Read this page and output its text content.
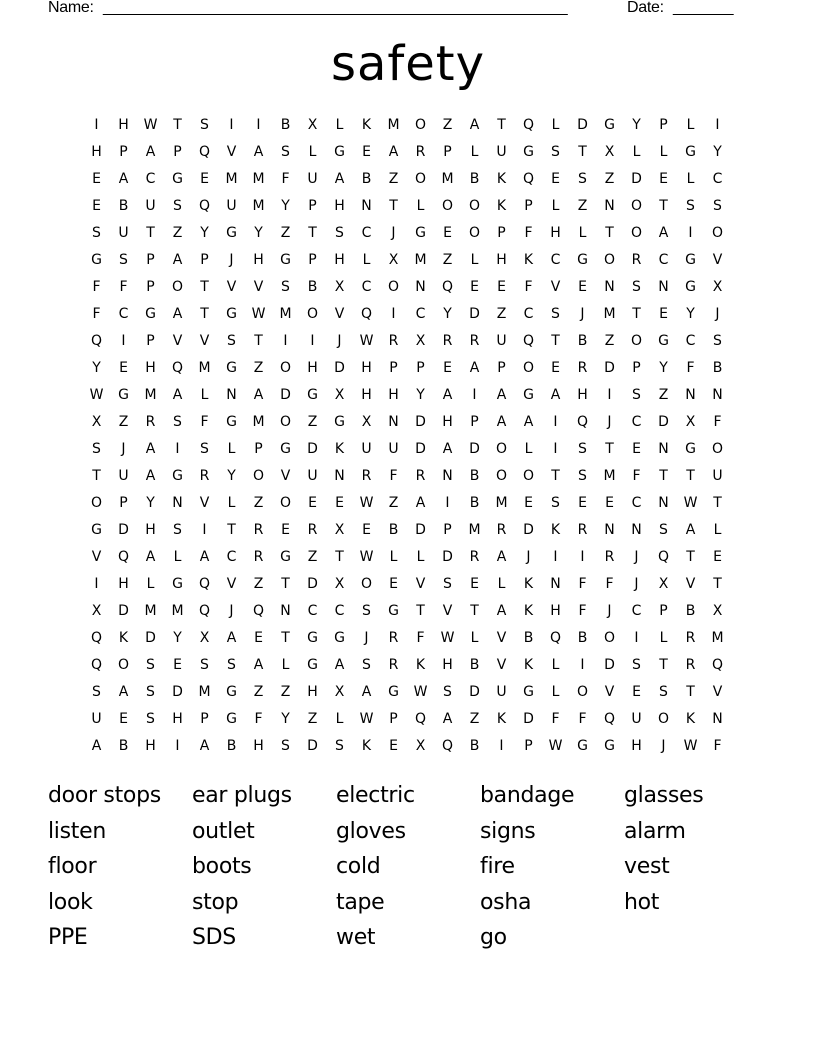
Name: ______________________________________________________	Date: _______
safety
I	H	W	T	S	I	I	B	X	L	K	M	O	Z	A	T	Q	L	D	G	Y	P	L	I
H	P	A	P	Q	V	A	S	L	G	E	A	R	P	L	U	G	S	T	X	L	L	G	Y
E	A	C	G	E	M	M	F	U	A	B	Z	O	M	B	K	Q	E	S	Z	D	E	L	C
E	B	U	S	Q	U	M	Y	P	H	N	T	L	O	O	K	P	L	Z	N	O	T	S	S
S	U	T	Z	Y	G	Y	Z	T	S	C	J	G	E	O	P	F	H	L	T	O	A	I	O
G	S	P	A	P	J	H	G	P	H	L	X	M	Z	L	H	K	C	G	O	R	C	G	V
F	F	P	O	T	V	V	S	B	X	C	O	N	Q	E	E	F	V	E	N	S	N	G	X
F	C	G	A	T	G	W	M	O	V	Q	I	C	Y	D	Z	C	S	J	M	T	E	Y	J
Q	I	P	V	V	S	T	I	I	J	W	R	X	R	R	U	Q	T	B	Z	O	G	C	S
Y	E	H	Q	M	G	Z	O	H	D	H	P	P	E	A	P	O	E	R	D	P	Y	F	B
W	G	M	A	L	N	A	D	G	X	H	H	Y	A	I	A	G	A	H	I	S	Z	N	N
X	Z	R	S	F	G	M	O	Z	G	X	N	D	H	P	A	A	I	Q	J	C	D	X	F
S	J	A	I	S	L	P	G	D	K	U	U	D	A	D	O	L	I	S	T	E	N	G	O
T	U	A	G	R	Y	O	V	U	N	R	F	R	N	B	O	O	T	S	M	F	T	T	U
O	P	Y	N	V	L	Z	O	E	E	W	Z	A	I	B	M	E	S	E	E	C	N	W	T
G	D	H	S	I	T	R	E	R	X	E	B	D	P	M	R	D	K	R	N	N	S	A	L
V	Q	A	L	A	C	R	G	Z	T	W	L	L	D	R	A	J	I	I	R	J	Q	T	E
I	H	L	G	Q	V	Z	T	D	X	O	E	V	S	E	L	K	N	F	F	J	X	V	T
X	D	M	M	Q	J	Q	N	C	C	S	G	T	V	T	A	K	H	F	J	C	P	B	X
Q	K	D	Y	X	A	E	T	G	G	J	R	F	W	L	V	B	Q	B	O	I	L	R	M
Q	O	S	E	S	S	A	L	G	A	S	R	K	H	B	V	K	L	I	D	S	T	R	Q
S	A	S	D	M	G	Z	Z	H	X	A	G	W	S	D	U	G	L	O	V	E	S	T	V
U	E	S	H	P	G	F	Y	Z	L	W	P	Q	A	Z	K	D	F	F	Q	U	O	K	N
A	B	H	I	A	B	H	S	D	S	K	E	X	Q	B	I	P	W	G	G	H	J	W	F
door stops	ear plugs	electric	bandage	glasses
listen	outlet	gloves	signs	alarm
floor	boots	cold	fire	vest
look	stop	tape	osha	hot
PPE	SDS	wet	go
